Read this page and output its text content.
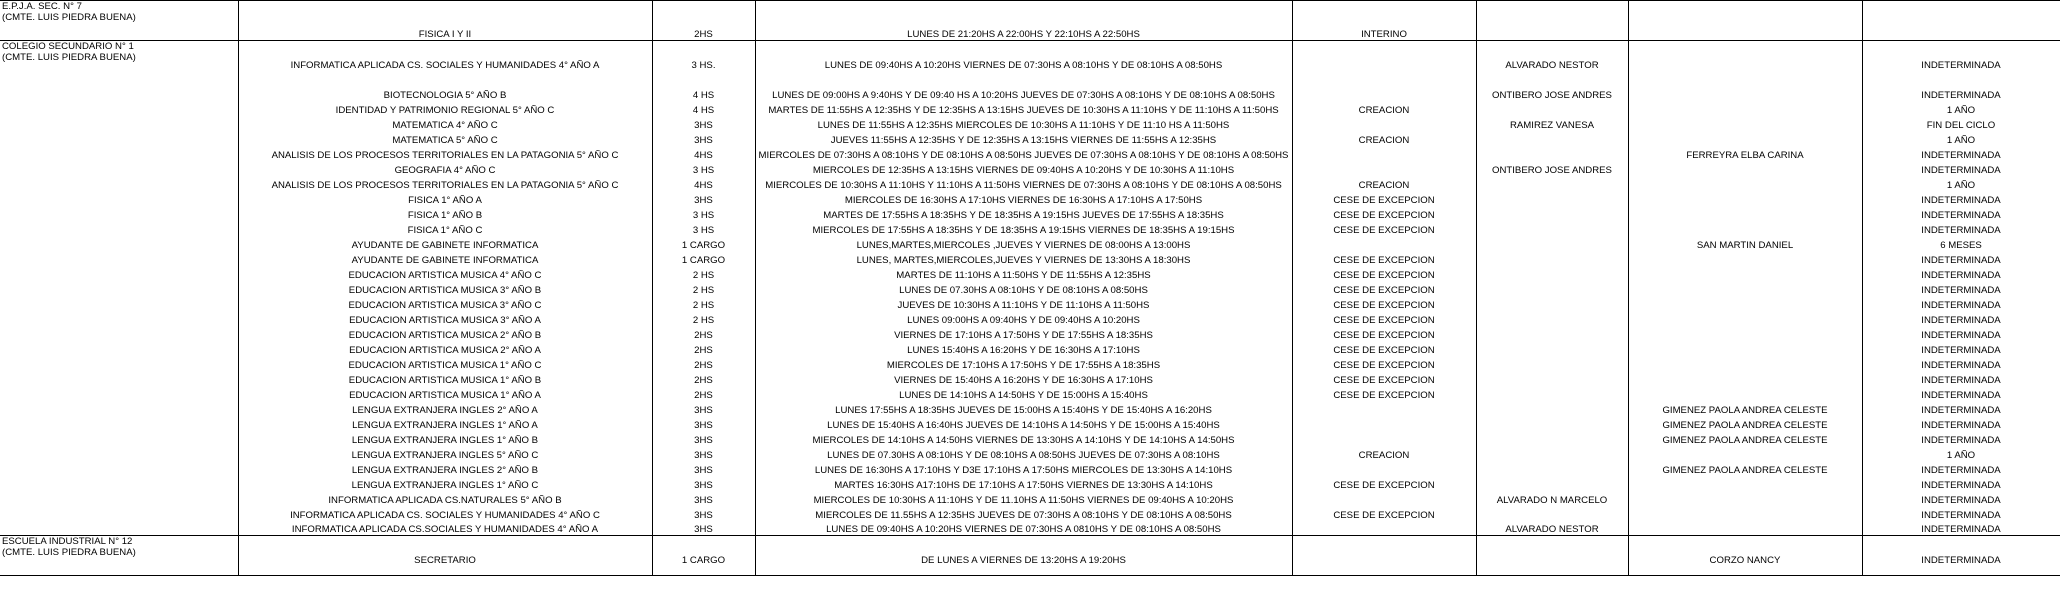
E.P.J.A. SEC. N° 7
(CMTE. LUIS PIEDRA BUENA)	FISICA I Y II	2HS	LUNES DE 21:20HS A 22:00HS Y 22:10HS A 22:50HS	INTERINO			

COLEGIO SECUNDARIO N° 1
(CMTE. LUIS PIEDRA BUENA)	INFORMATICA APLICADA CS. SOCIALES Y HUMANIDADES 4° AÑO A	3 HS.	LUNES DE 09:40HS A 10:20HS VIERNES DE 07:30HS A 08:10HS Y DE 08:10HS A 08:50HS		ALVARADO NESTOR		INDETERMINADA
	BIOTECNOLOGIA 5° AÑO B	4 HS	LUNES DE 09:00HS A 9:40HS Y DE 09:40 HS A 10:20HS JUEVES DE 07:30HS A 08:10HS Y DE 08:10HS A 08:50HS		ONTIBERO JOSE ANDRES		INDETERMINADA
	IDENTIDAD Y PATRIMONIO REGIONAL 5° AÑO C	4 HS	MARTES DE 11:55HS A 12:35HS Y DE 12:35HS A 13:15HS JUEVES DE 10:30HS A 11:10HS Y DE 11:10HS A 11:50HS	CREACION			1 AÑO
	MATEMATICA 4° AÑO C	3HS	LUNES DE 11:55HS A 12:35HS MIERCOLES DE 10:30HS A 11:10HS Y DE 11:10 HS A 11:50HS		RAMIREZ VANESA		FIN DEL CICLO
	MATEMATICA 5° AÑO C	3HS	JUEVES 11:55HS A 12:35HS Y DE 12:35HS A 13:15HS VIERNES DE 11:55HS A 12:35HS	CREACION			1 AÑO
	ANALISIS DE LOS PROCESOS TERRITORIALES EN LA PATAGONIA 5° AÑO C	4HS	MIERCOLES DE 07:30HS A 08:10HS Y DE 08:10HS A 08:50HS JUEVES DE 07:30HS A 08:10HS Y DE 08:10HS A 08:50HS			FERREYRA ELBA CARINA	INDETERMINADA
	GEOGRAFIA 4° AÑO C	3 HS	MIERCOLES DE 12:35HS A 13:15HS VIERNES DE 09:40HS A 10:20HS Y DE 10:30HS A 11:10HS		ONTIBERO JOSE ANDRES		INDETERMINADA
	ANALISIS DE LOS PROCESOS TERRITORIALES EN LA PATAGONIA 5° AÑO C	4HS	MIERCOLES DE 10:30HS A 11:10HS Y 11:10HS A 11:50HS VIERNES DE 07:30HS A 08:10HS Y DE 08:10HS A 08:50HS	CREACION			1 AÑO
	FISICA 1° AÑO A	3HS	MIERCOLES DE 16:30HS A 17:10HS VIERNES DE 16:30HS A 17:10HS A 17:50HS	CESE DE EXCEPCION			INDETERMINADA
	FISICA 1° AÑO B	3 HS	MARTES DE 17:55HS A 18:35HS Y DE 18:35HS A 19:15HS JUEVES DE 17:55HS A 18:35HS	CESE DE EXCEPCION			INDETERMINADA
	FISICA 1° AÑO C	3 HS	MIERCOLES DE 17:55HS A 18:35HS Y DE 18:35HS A 19:15HS VIERNES DE 18:35HS A 19:15HS	CESE DE EXCEPCION			INDETERMINADA
	AYUDANTE DE GABINETE INFORMATICA	1 CARGO	LUNES,MARTES,MIERCOLES ,JUEVES Y VIERNES DE 08:00HS A 13:00HS			SAN MARTIN DANIEL	6 MESES
	AYUDANTE DE GABINETE INFORMATICA	1 CARGO	LUNES, MARTES,MIERCOLES,JUEVES Y VIERNES DE 13:30HS A 18:30HS	CESE DE EXCEPCION			INDETERMINADA
	EDUCACION ARTISTICA MUSICA 4° AÑO C	2 HS	MARTES DE 11:10HS A 11:50HS Y DE 11:55HS A 12:35HS	CESE DE EXCEPCION			INDETERMINADA
	EDUCACION ARTISTICA MUSICA 3° AÑO B	2 HS	LUNES DE 07.30HS A 08:10HS Y DE 08:10HS A 08:50HS	CESE DE EXCEPCION			INDETERMINADA
	EDUCACION ARTISTICA MUSICA 3° AÑO C	2 HS	JUEVES DE 10:30HS A 11:10HS Y DE 11:10HS A 11:50HS	CESE DE EXCEPCION			INDETERMINADA
	EDUCACION ARTISTICA MUSICA 3° AÑO A	2 HS	LUNES 09:00HS A 09:40HS Y DE 09:40HS A 10:20HS	CESE DE EXCEPCION			INDETERMINADA
	EDUCACION ARTISTICA MUSICA 2° AÑO B	2HS	VIERNES DE 17:10HS A 17:50HS Y DE 17:55HS A 18:35HS	CESE DE EXCEPCION			INDETERMINADA
	EDUCACION ARTISTICA MUSICA 2° AÑO A	2HS	LUNES 15:40HS A 16:20HS Y DE 16:30HS A 17:10HS	CESE DE EXCEPCION			INDETERMINADA
	EDUCACION ARTISTICA MUSICA 1° AÑO C	2HS	MIERCOLES DE 17:10HS A 17:50HS Y DE 17:55HS A 18:35HS	CESE DE EXCEPCION			INDETERMINADA
	EDUCACION ARTISTICA MUSICA 1° AÑO B	2HS	VIERNES DE 15:40HS A 16:20HS Y DE 16:30HS A 17:10HS	CESE DE EXCEPCION			INDETERMINADA
	EDUCACION ARTISTICA MUSICA 1° AÑO A	2HS	LUNES DE 14:10HS A 14:50HS Y DE 15:00HS A 15:40HS	CESE DE EXCEPCION			INDETERMINADA
	LENGUA EXTRANJERA INGLES 2° AÑO A	3HS	LUNES 17:55HS A 18:35HS JUEVES DE 15:00HS A 15:40HS Y DE 15:40HS A 16:20HS			GIMENEZ PAOLA ANDREA CELESTE	INDETERMINADA
	LENGUA EXTRANJERA INGLES 1° AÑO A	3HS	LUNES DE 15:40HS A 16:40HS JUEVES DE 14:10HS A 14:50HS Y DE 15:00HS A 15:40HS			GIMENEZ PAOLA ANDREA CELESTE	INDETERMINADA
	LENGUA EXTRANJERA INGLES 1° AÑO B	3HS	MIERCOLES DE 14:10HS A 14:50HS VIERNES DE 13:30HS A 14:10HS Y DE 14:10HS A 14:50HS			GIMENEZ PAOLA ANDREA CELESTE	INDETERMINADA
	LENGUA EXTRANJERA INGLES 5° AÑO C	3HS	LUNES DE 07.30HS A 08:10HS Y DE 08:10HS A 08:50HS JUEVES DE 07:30HS A 08:10HS	CREACION			1 AÑO
	LENGUA EXTRANJERA INGLES 2° AÑO B	3HS	LUNES DE 16:30HS A 17:10HS Y D3E 17:10HS A 17:50HS MIERCOLES DE 13:30HS A 14:10HS			GIMENEZ PAOLA ANDREA CELESTE	INDETERMINADA
	LENGUA EXTRANJERA INGLES 1° AÑO C	3HS	MARTES 16:30HS A17:10HS DE 17:10HS A 17:50HS VIERNES DE 13:30HS A 14:10HS	CESE DE EXCEPCION			INDETERMINADA
	INFORMATICA APLICADA CS.NATURALES 5° AÑO B	3HS	MIERCOLES DE 10:30HS A 11:10HS Y DE 11.10HS A 11:50HS VIERNES DE 09:40HS A 10:20HS		ALVARADO N MARCELO		INDETERMINADA
	INFORMATICA APLICADA CS. SOCIALES Y HUMANIDADES 4° AÑO C	3HS	MIERCOLES DE 11.55HS A 12:35HS JUEVES DE 07:30HS A 08:10HS Y DE 08:10HS A 08:50HS	CESE DE EXCEPCION			INDETERMINADA
	INFORMATICA APLICADA CS.SOCIALES Y HUMANIDADES 4° AÑO A	3HS	LUNES DE 09:40HS A 10:20HS VIERNES DE 07:30HS A 0810HS Y DE 08:10HS A 08:50HS		ALVARADO NESTOR		INDETERMINADA

ESCUELA INDUSTRIAL N° 12
(CMTE. LUIS PIEDRA BUENA)	SECRETARIO	1 CARGO	DE LUNES A VIERNES DE 13:20HS A 19:20HS			CORZO NANCY	INDETERMINADA
